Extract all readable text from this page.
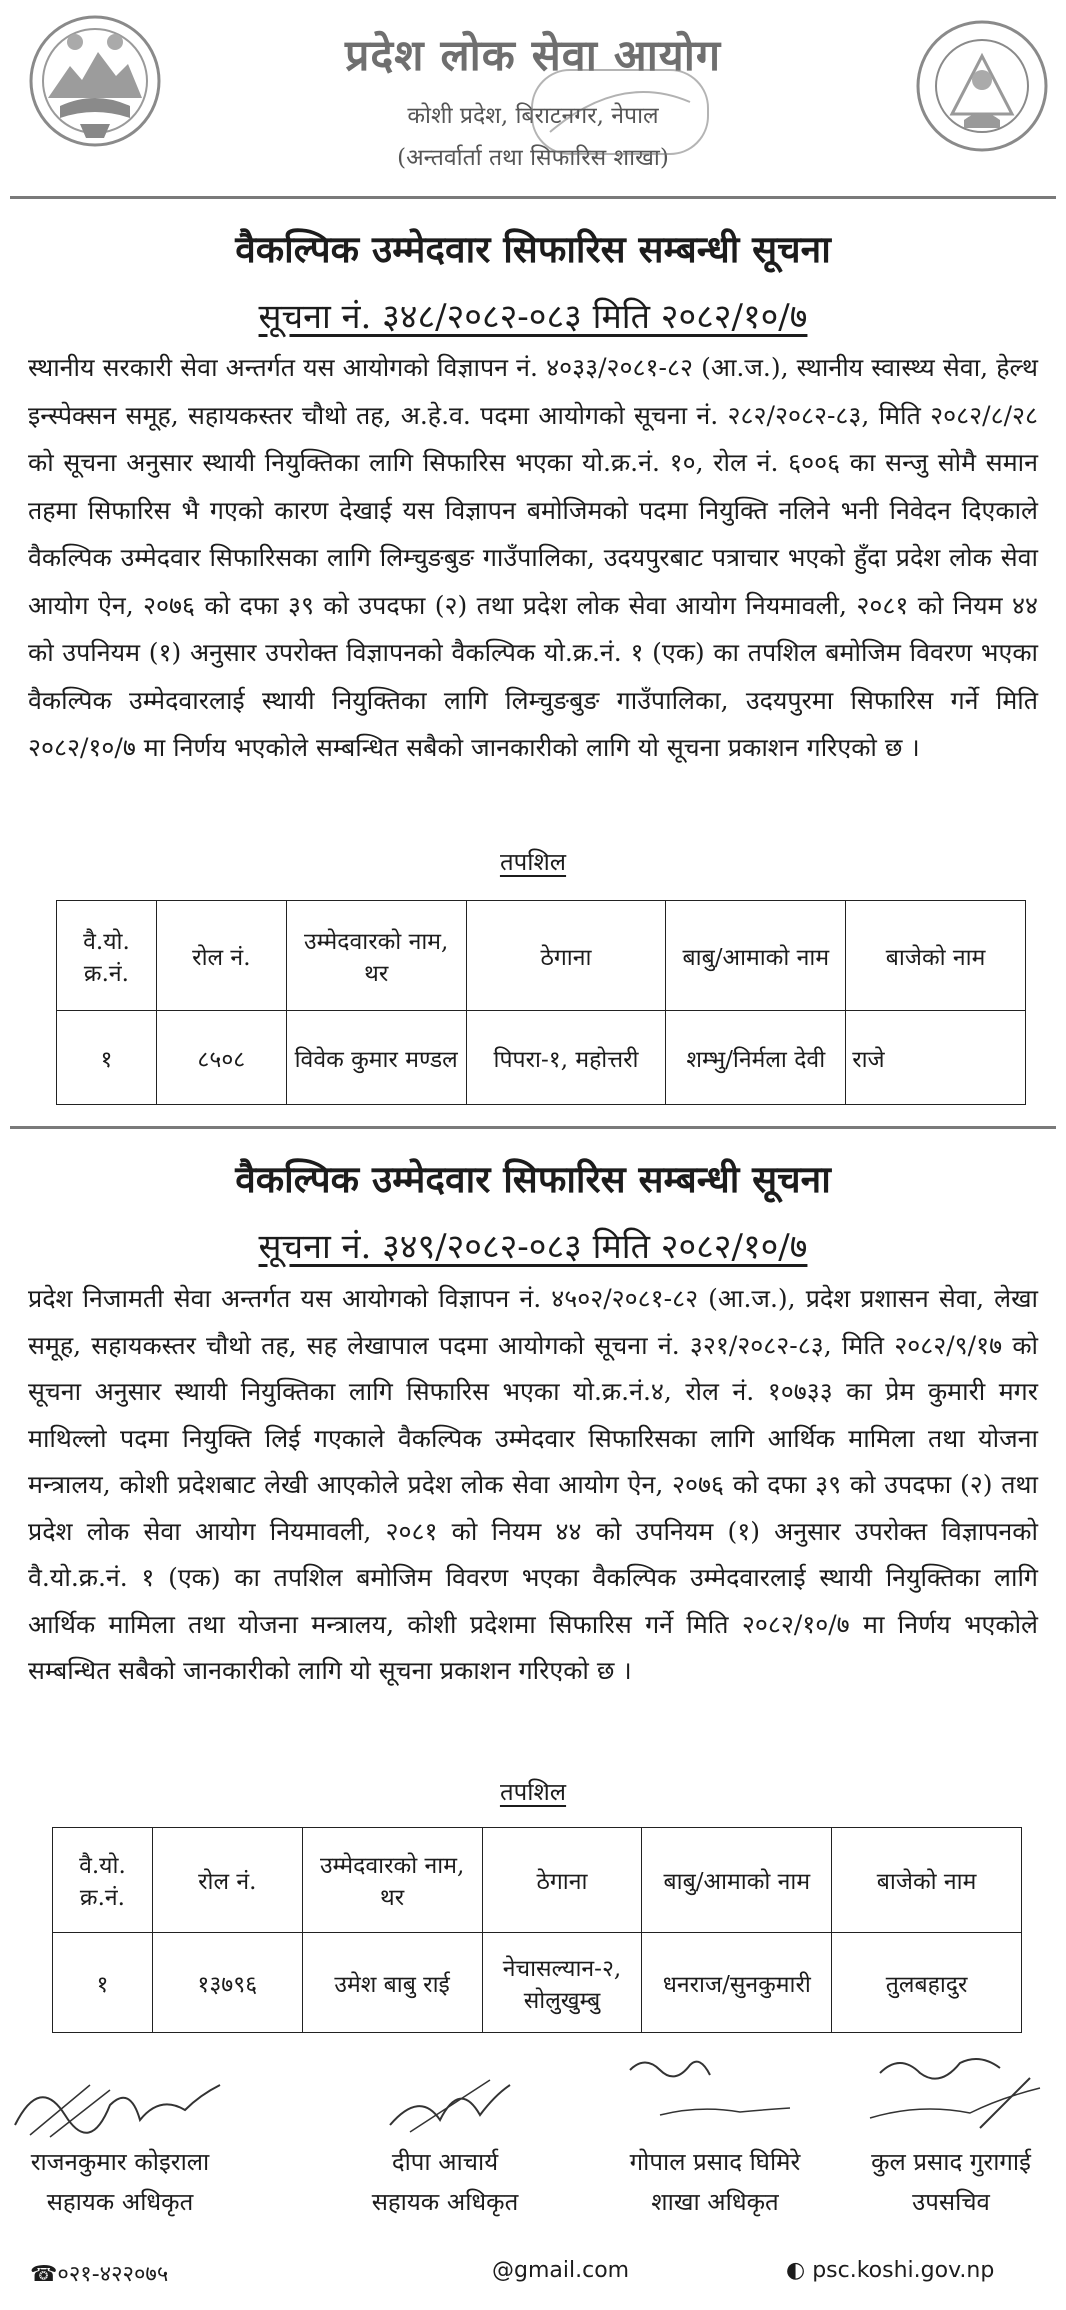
प्रदेश लोक सेवा आयोग
कोशी प्रदेश, बिराटनगर, नेपाल
(अन्तर्वार्ता तथा सिफारिस शाखा)
वैकल्पिक उम्मेदवार सिफारिस सम्बन्धी सूचना
सूचना नं. ३४८/२०८२-०८३ मिति २०८२/१०/७
स्थानीय सरकारी सेवा अन्तर्गत यस आयोगको विज्ञापन नं. ४०३३/२०८१-८२ (आ.ज.), स्थानीय स्वास्थ्य सेवा, हेल्थ इन्स्पेक्सन समूह, सहायकस्तर चौथो तह, अ.हे.व. पदमा आयोगको सूचना नं. २८२/२०८२-८३, मिति २०८२/८/२८ को सूचना अनुसार स्थायी नियुक्तिका लागि सिफारिस भएका यो.क्र.नं. १०, रोल नं. ६००६ का सन्जु सोमै समान तहमा सिफारिस भै गएको कारण देखाई यस विज्ञापन बमोजिमको पदमा नियुक्ति नलिने भनी निवेदन दिएकाले वैकल्पिक उम्मेदवार सिफारिसका लागि लिम्चुङबुङ गाउँपालिका, उदयपुरबाट पत्राचार भएको हुँदा प्रदेश लोक सेवा आयोग ऐन, २०७६ को दफा ३९ को उपदफा (२) तथा प्रदेश लोक सेवा आयोग नियमावली, २०८१ को नियम ४४ को उपनियम (१) अनुसार उपरोक्त विज्ञापनको वैकल्पिक यो.क्र.नं. १ (एक) का तपशिल बमोजिम विवरण भएका वैकल्पिक उम्मेदवारलाई स्थायी नियुक्तिका लागि लिम्चुङबुङ गाउँपालिका, उदयपुरमा सिफारिस गर्ने मिति २०८२/१०/७ मा निर्णय भएकोले सम्बन्धित सबैको जानकारीको लागि यो सूचना प्रकाशन गरिएको छ ।
तपशिल
वै.यो. क्र.नं.	रोल नं.	उम्मेदवारको नाम, थर	ठेगाना	बाबु/आमाको नाम	बाजेको नाम
१	८५०८	विवेक कुमार मण्डल	पिपरा-१, महोत्तरी	शम्भु/निर्मला देवी	राजे
वैकल्पिक उम्मेदवार सिफारिस सम्बन्धी सूचना
सूचना नं. ३४९/२०८२-०८३ मिति २०८२/१०/७
प्रदेश निजामती सेवा अन्तर्गत यस आयोगको विज्ञापन नं. ४५०२/२०८१-८२ (आ.ज.), प्रदेश प्रशासन सेवा, लेखा समूह, सहायकस्तर चौथो तह, सह लेखापाल पदमा आयोगको सूचना नं. ३२१/२०८२-८३, मिति २०८२/९/१७ को सूचना अनुसार स्थायी नियुक्तिका लागि सिफारिस भएका यो.क्र.नं.४, रोल नं. १०७३३ का प्रेम कुमारी मगर माथिल्लो पदमा नियुक्ति लिई गएकाले वैकल्पिक उम्मेदवार सिफारिसका लागि आर्थिक मामिला तथा योजना मन्त्रालय, कोशी प्रदेशबाट लेखी आएकोले प्रदेश लोक सेवा आयोग ऐन, २०७६ को दफा ३९ को उपदफा (२) तथा प्रदेश लोक सेवा आयोग नियमावली, २०८१ को नियम ४४ को उपनियम (१) अनुसार उपरोक्त विज्ञापनको वै.यो.क्र.नं. १ (एक) का तपशिल बमोजिम विवरण भएका वैकल्पिक उम्मेदवारलाई स्थायी नियुक्तिका लागि आर्थिक मामिला तथा योजना मन्त्रालय, कोशी प्रदेशमा सिफारिस गर्ने मिति २०८२/१०/७ मा निर्णय भएकोले सम्बन्धित सबैको जानकारीको लागि यो सूचना प्रकाशन गरिएको छ ।
तपशिल
वै.यो. क्र.नं.	रोल नं.	उम्मेदवारको नाम, थर	ठेगाना	बाबु/आमाको नाम	बाजेको नाम
१	१३७९६	उमेश बाबु राई	नेचासल्यान-२, सोलुखुम्बु	धनराज/सुनकुमारी	तुलबहादुर
राजनकुमार कोइराला
सहायक अधिकृत
दीपा आचार्य
सहायक अधिकृत
गोपाल प्रसाद घिमिरे
शाखा अधिकृत
कुल प्रसाद गुरागाई
उपसचिव
☎०२१-४२२०७५	@gmail.com	◐ psc.koshi.gov.np
